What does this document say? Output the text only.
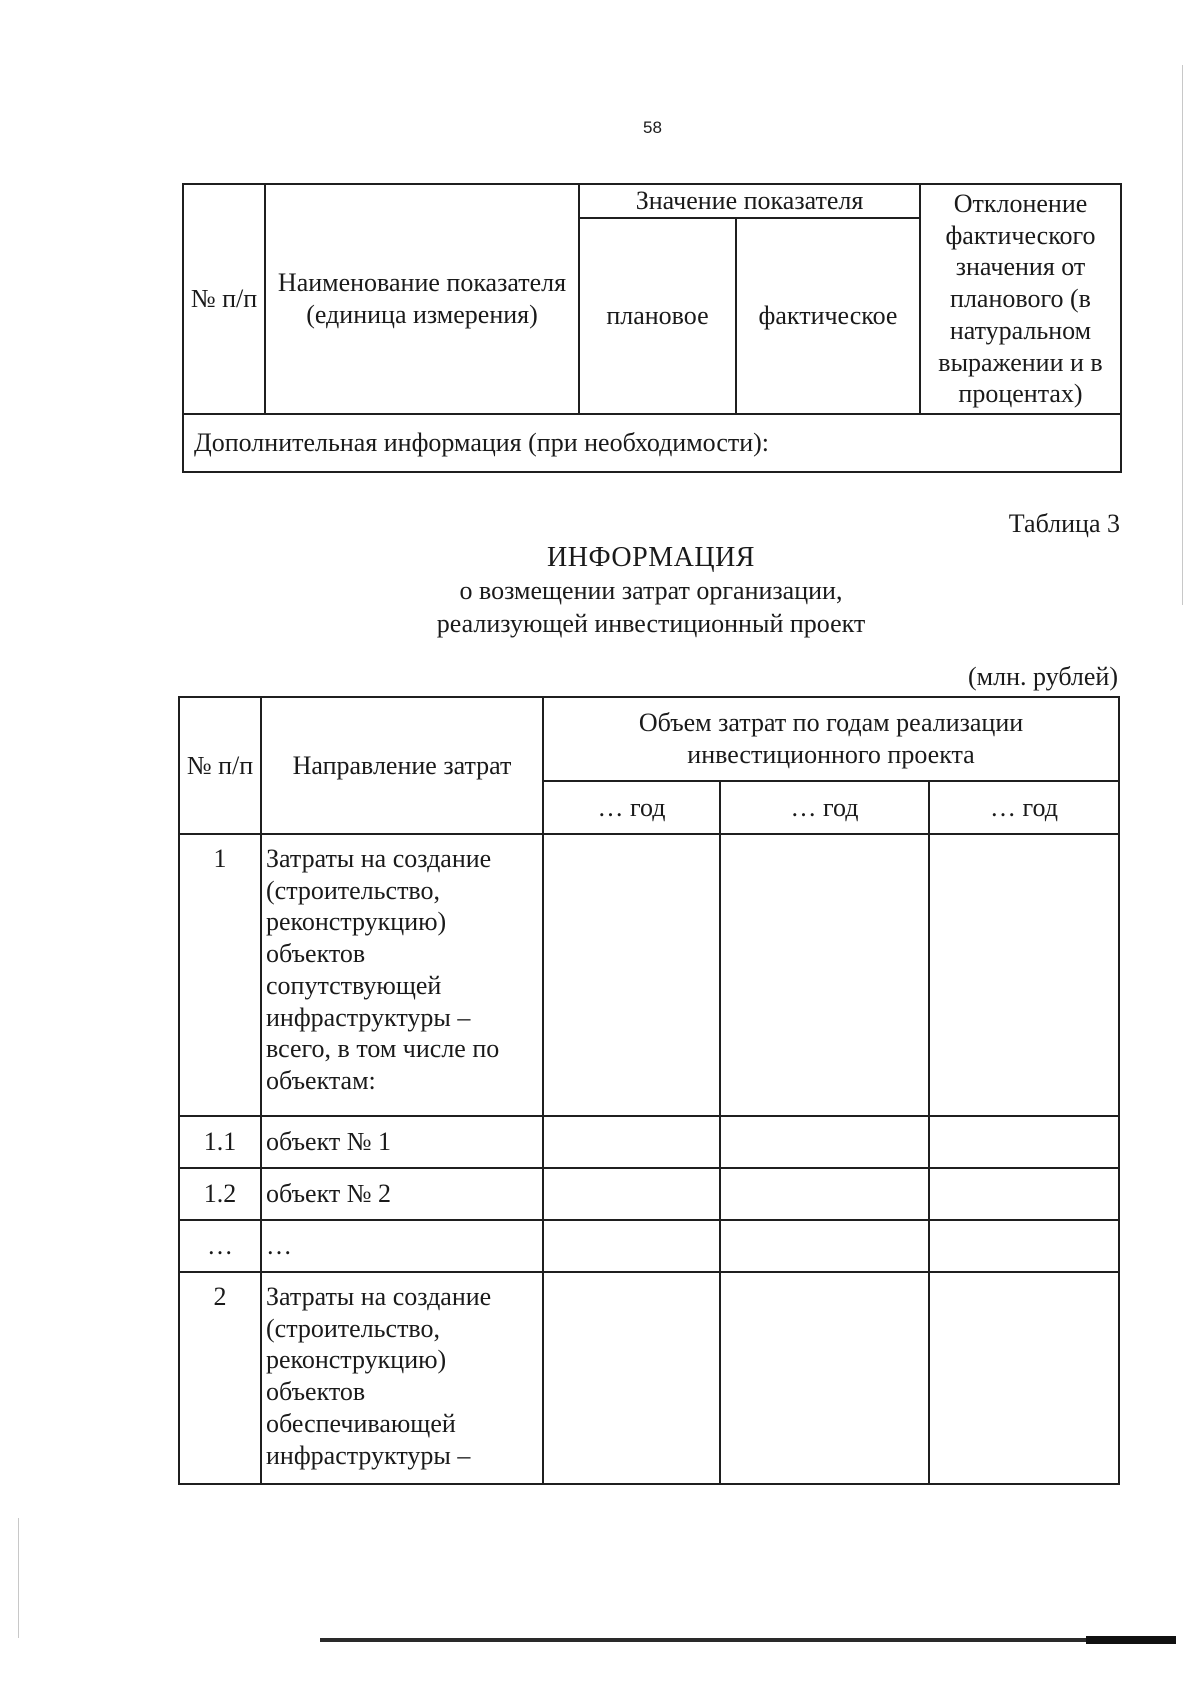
58
№ п/п	Наименование показателя (единица измерения)	Значение показателя		Отклонение фактического значения от планового (в натуральном выражении и в процентах)
		плановое	фактическое	
Дополнительная информация (при необходимости):				
Таблица 3
ИНФОРМАЦИЯ
о возмещении затрат организации,
реализующей инвестиционный проект
(млн. рублей)
№ п/п	Направление затрат	Объем затрат по годам реализации инвестиционного проекта		
		… год	… год	… год
1	Затраты на создание (строительство, реконструкцию) объектов сопутствующей инфраструктуры – всего, в том числе по объектам:			
1.1	объект № 1			
1.2	объект № 2			
…	…			
2	Затраты на создание (строительство, реконструкцию) объектов обеспечивающей инфраструктуры –			
